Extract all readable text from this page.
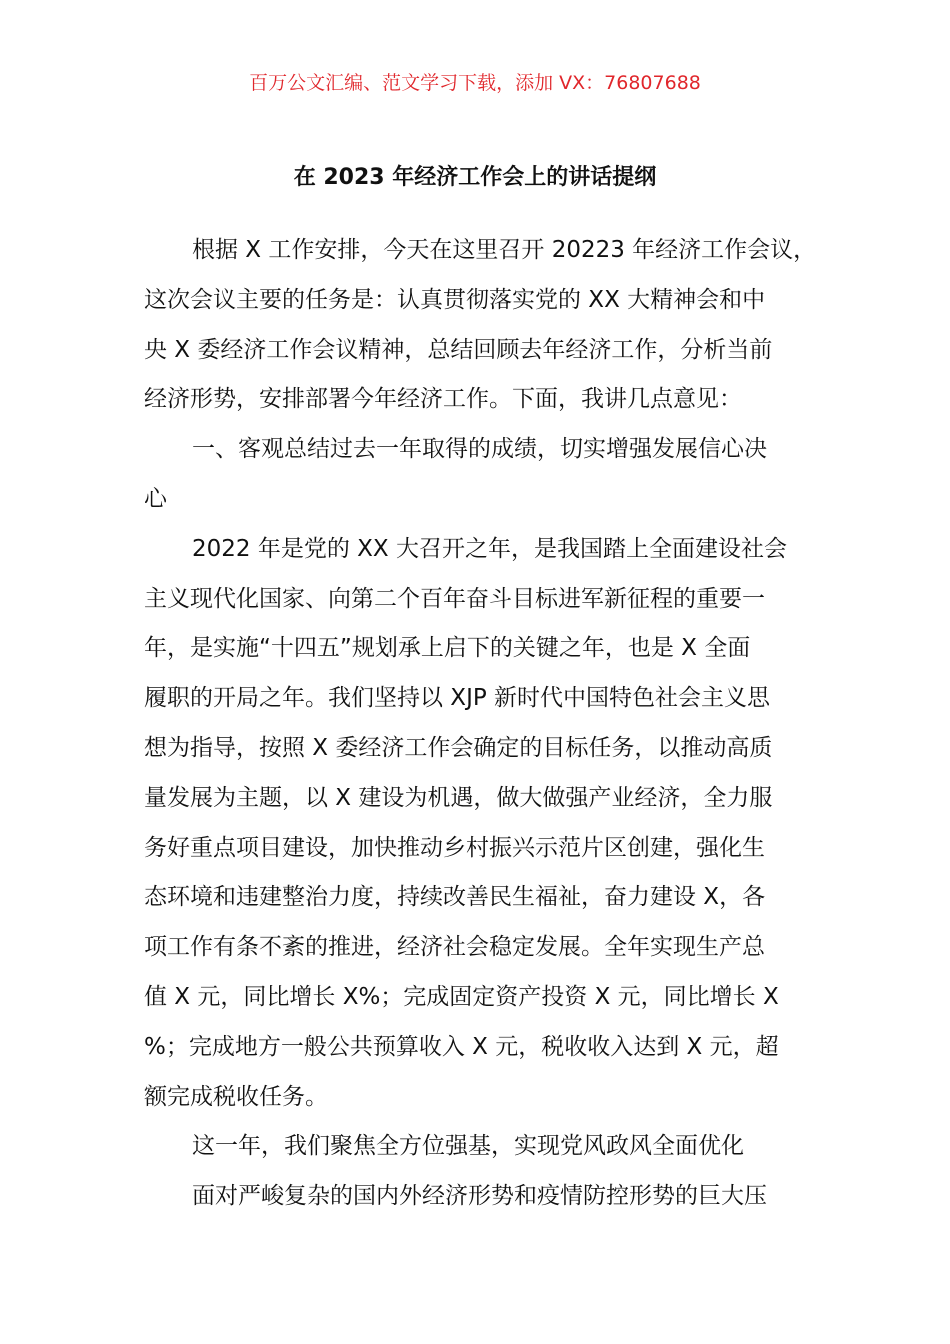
百万公文汇编、范文学习下载，添加 VX：76807688
在 2023 年经济工作会上的讲话提纲
根据 X 工作安排，今天在这里召开 20223 年经济工作会议，
这次会议主要的任务是：认真贯彻落实党的 XX 大精神会和中
央 X 委经济工作会议精神，总结回顾去年经济工作，分析当前
经济形势，安排部署今年经济工作。下面，我讲几点意见：
一、客观总结过去一年取得的成绩，切实增强发展信心决
心
2022 年是党的 XX 大召开之年，是我国踏上全面建设社会
主义现代化国家、向第二个百年奋斗目标进军新征程的重要一
年，是实施“十四五”规划承上启下的关键之年，也是 X 全面
履职的开局之年。我们坚持以 XJP 新时代中国特色社会主义思
想为指导，按照 X 委经济工作会确定的目标任务，以推动高质
量发展为主题，以 X 建设为机遇，做大做强产业经济，全力服
务好重点项目建设，加快推动乡村振兴示范片区创建，强化生
态环境和违建整治力度，持续改善民生福祉，奋力建设 X，各
项工作有条不紊的推进，经济社会稳定发展。全年实现生产总
值 X 元，同比增长 X%；完成固定资产投资 X 元，同比增长 X
%；完成地方一般公共预算收入 X 元，税收收入达到 X 元，超
额完成税收任务。
这一年，我们聚焦全方位强基，实现党风政风全面优化
面对严峻复杂的国内外经济形势和疫情防控形势的巨大压
